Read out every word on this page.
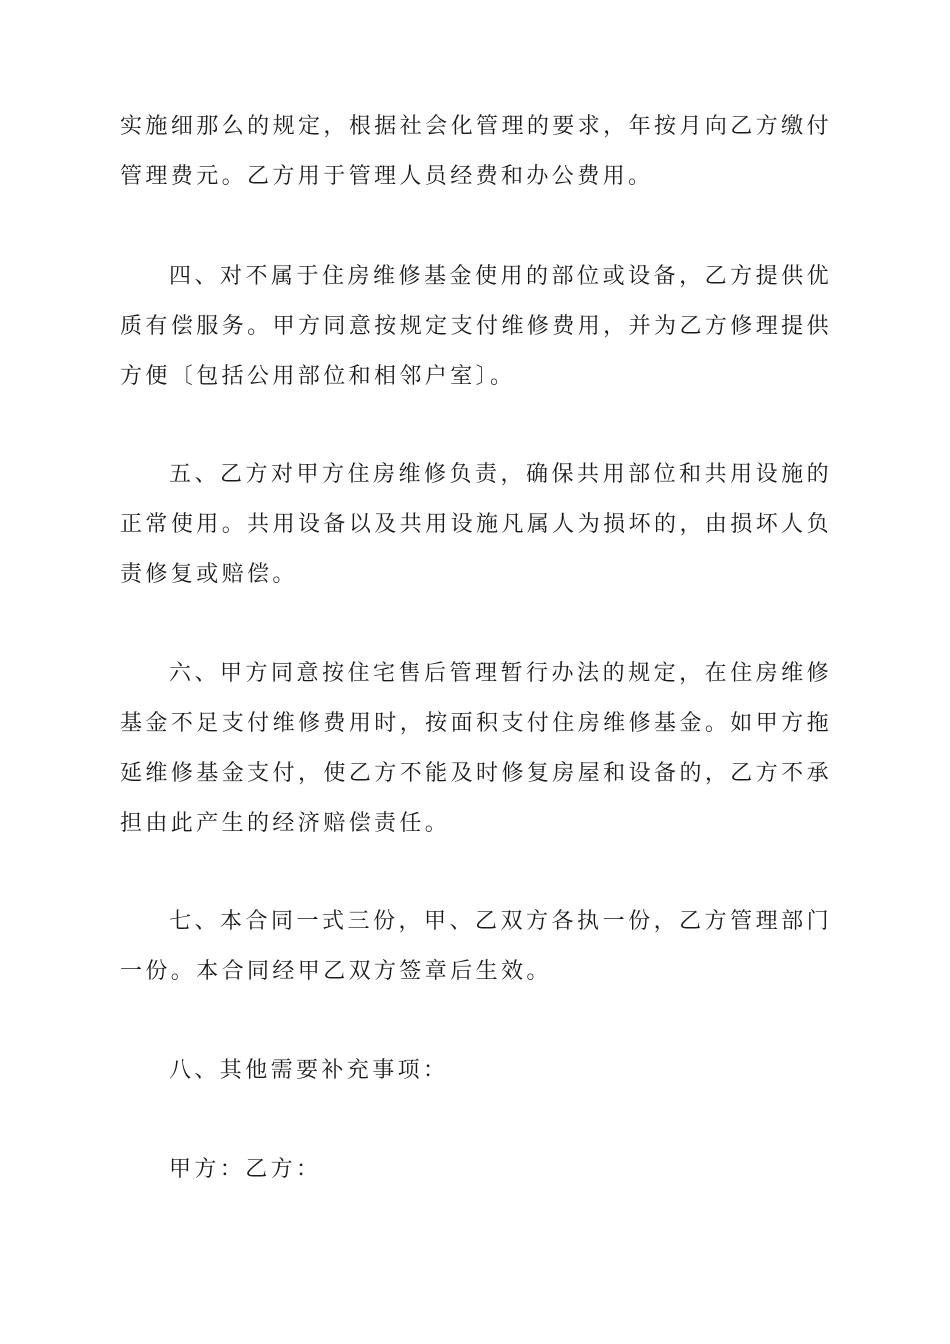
实施细那么的规定，根据社会化管理的要求，年按月向乙方缴付管理费元。乙方用于管理人员经费和办公费用。

四、对不属于住房维修基金使用的部位或设备，乙方提供优质有偿服务。甲方同意按规定支付维修费用，并为乙方修理提供方便〔包括公用部位和相邻户室〕。

五、乙方对甲方住房维修负责，确保共用部位和共用设施的正常使用。共用设备以及共用设施凡属人为损坏的，由损坏人负责修复或赔偿。

六、甲方同意按住宅售后管理暂行办法的规定，在住房维修基金不足支付维修费用时，按面积支付住房维修基金。如甲方拖延维修基金支付，使乙方不能及时修复房屋和设备的，乙方不承担由此产生的经济赔偿责任。

七、本合同一式三份，甲、乙双方各执一份，乙方管理部门一份。本合同经甲乙双方签章后生效。

八、其他需要补充事项：

甲方：乙方：
